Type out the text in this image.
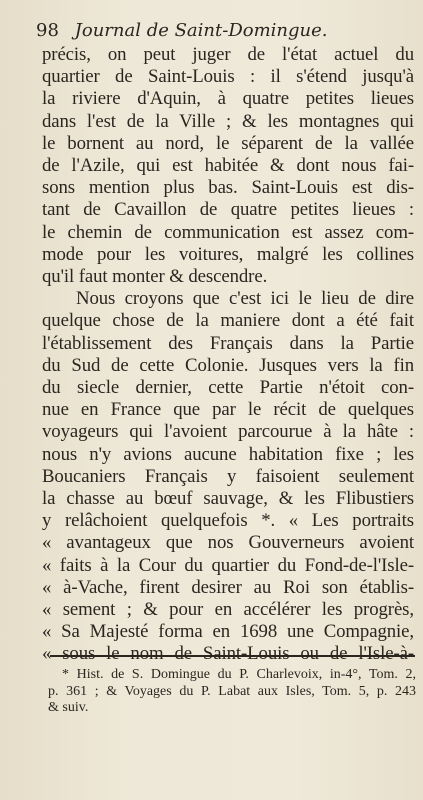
98 Journal de Saint-Domingue.
précis, on peut juger de l'état actuel du
quartier de Saint-Louis : il s'étend jusqu'à
la riviere d'Aquin, à quatre petites lieues
dans l'est de la Ville ; & les montagnes qui
le bornent au nord, le séparent de la vallée
de l'Azile, qui est habitée & dont nous fai-
sons mention plus bas. Saint-Louis est dis-
tant de Cavaillon de quatre petites lieues :
le chemin de communication est assez com-
mode pour les voitures, malgré les collines
qu'il faut monter & descendre.
Nous croyons que c'est ici le lieu de dire
quelque chose de la maniere dont a été fait
l'établissement des Français dans la Partie
du Sud de cette Colonie. Jusques vers la fin
du siecle dernier, cette Partie n'étoit con-
nue en France que par le récit de quelques
voyageurs qui l'avoient parcourue à la hâte :
nous n'y avions aucune habitation fixe ; les
Boucaniers Français y faisoient seulement
la chasse au bœuf sauvage, & les Flibustiers
y relâchoient quelquefois *. « Les portraits
« avantageux que nos Gouverneurs avoient
« faits à la Cour du quartier du Fond-de-l'Isle-
« à-Vache, firent desirer au Roi son établis-
« sement ; & pour en accélérer les progrès,
« Sa Majesté forma en 1698 une Compagnie,
« sous le nom de Saint-Louis ou de l'Isle-à-
* Hist. de S. Domingue du P. Charlevoix, in-4°, Tom. 2,
p. 361 ; & Voyages du P. Labat aux Isles, Tom. 5, p. 243
& suiv.
